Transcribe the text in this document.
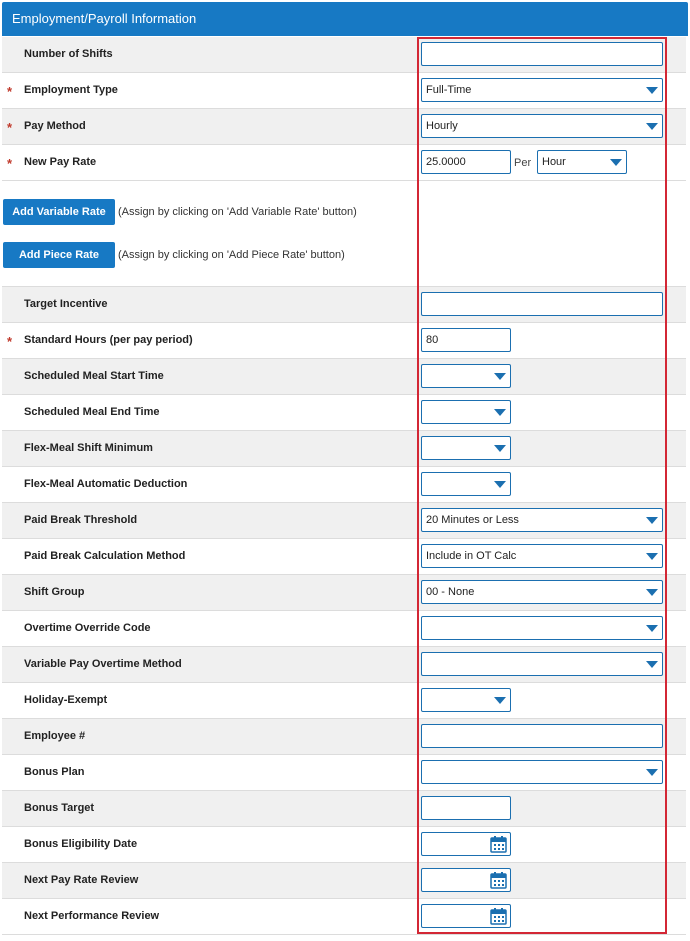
Employment/Payroll Information
Number of Shifts
* Employment Type	Full-Time
* Pay Method	Hourly
* New Pay Rate	25.0000	Per Hour
Add Variable Rate	(Assign by clicking on 'Add Variable Rate' button)
Add Piece Rate	(Assign by clicking on 'Add Piece Rate' button)
Target Incentive
* Standard Hours (per pay period)	80
Scheduled Meal Start Time
Scheduled Meal End Time
Flex-Meal Shift Minimum
Flex-Meal Automatic Deduction
Paid Break Threshold	20 Minutes or Less
Paid Break Calculation Method	Include in OT Calc
Shift Group	00 - None
Overtime Override Code
Variable Pay Overtime Method
Holiday-Exempt
Employee #
Bonus Plan
Bonus Target
Bonus Eligibility Date
Next Pay Rate Review
Next Performance Review
